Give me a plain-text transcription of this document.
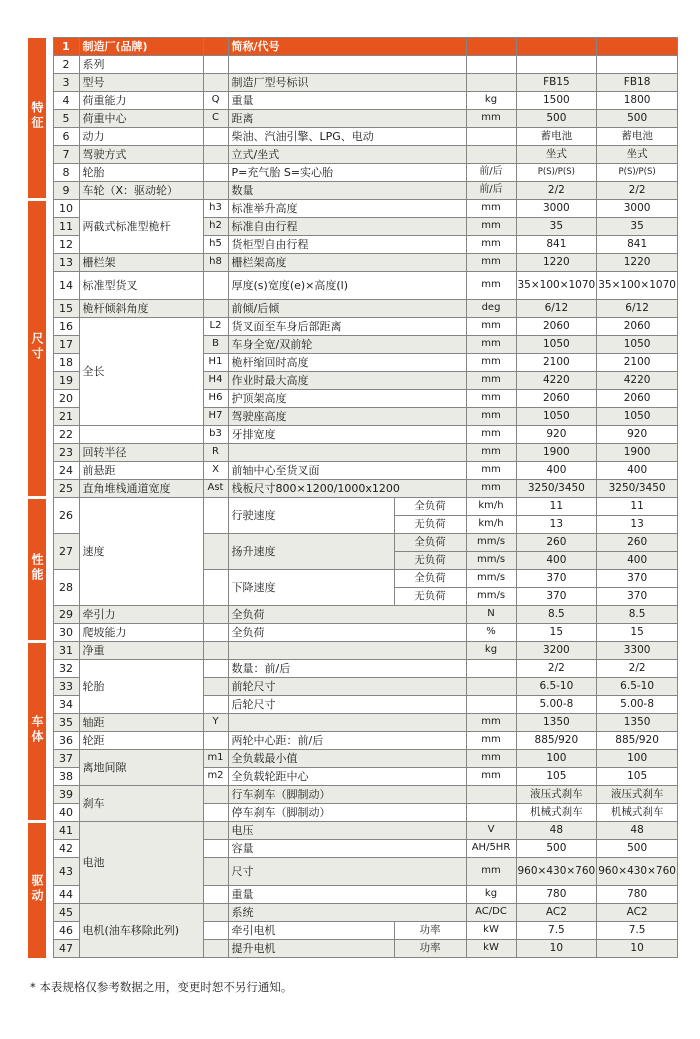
特征		1	制造厂(品牌)		简称/代号				
		2	系列						
		3	型号		制造厂型号标识			FB15	FB18
		4	荷重能力	Q	重量		kg	1500	1800
		5	荷重中心	C	距离		mm	500	500
		6	动力		柴油、汽油引擎、LPG、电动			蓄电池	蓄电池
		7	驾驶方式		立式/坐式			坐式	坐式
		8	轮胎		P=充气胎 S=实心胎		前/后	P(S)/P(S)	P(S)/P(S)
		9	车轮（X：驱动轮）		数量		前/后	2/2	2/2
尺寸		10	两截式标准型桅杆	h3	标准举升高度		mm	3000	3000
		11		h2	标准自由行程		mm	35	35
		12		h5	货柜型自由行程		mm	841	841
		13	栅栏架	h8	栅栏架高度		mm	1220	1220
		14	标准型货叉		厚度(s)宽度(e)×高度(l)		mm	35×100×1070	35×100×1070
		15	桅杆倾斜角度		前倾/后倾		deg	6/12	6/12
		16	全长	L2	货叉面至车身后部距离		mm	2060	2060
		17		B	车身全宽/双前轮		mm	1050	1050
		18		H1	桅杆缩回时高度		mm	2100	2100
		19		H4	作业时最大高度		mm	4220	4220
		20		H6	护顶架高度		mm	2060	2060
		21		H7	驾驶座高度		mm	1050	1050
		22		b3	牙排宽度		mm	920	920
		23	回转半径	R			mm	1900	1900
		24	前悬距	X	前轴中心至货叉面		mm	400	400
		25	直角堆栈通道宽度	Ast	栈板尺寸800×1200/1000x1200		mm	3250/3450	3250/3450
性能		26	速度		行驶速度	全负荷	km/h	11	11
						无负荷	km/h	13	13
		27			扬升速度	全负荷	mm/s	260	260
						无负荷	mm/s	400	400
		28			下降速度	全负荷	mm/s	370	370
						无负荷	mm/s	370	370
		29	牵引力		全负荷		N	8.5	8.5
		30	爬坡能力		全负荷		%	15	15
车体		31	净重				kg	3200	3300
		32	轮胎		数量：前/后			2/2	2/2
		33			前轮尺寸			6.5-10	6.5-10
		34			后轮尺寸			5.00-8	5.00-8
		35	轴距	Y			mm	1350	1350
		36	轮距		两轮中心距：前/后		mm	885/920	885/920
		37	离地间隙	m1	全负载最小值		mm	100	100
		38		m2	全负载轮距中心		mm	105	105
		39	刹车		行车刹车（脚制动）			液压式刹车	液压式刹车
		40			停车刹车（脚制动）			机械式刹车	机械式刹车
驱动		41	电池		电压		V	48	48
		42			容量		AH/5HR	500	500
		43			尺寸		mm	960×430×760	960×430×760
		44			重量		kg	780	780
		45	电机(油车移除此列)		系统		AC/DC	AC2	AC2
		46			牵引电机	功率	kW	7.5	7.5
		47			提升电机	功率	kW	10	10
* 本表规格仅参考数据之用，变更时恕不另行通知。
